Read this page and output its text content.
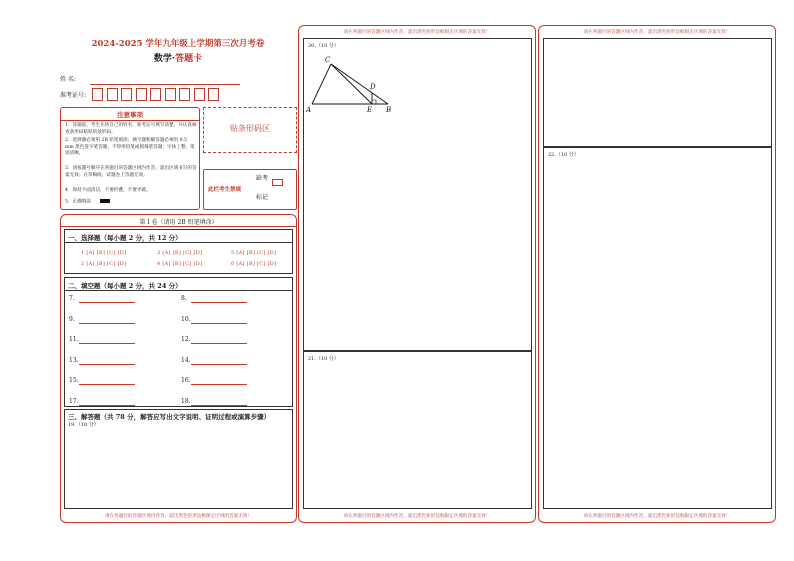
2024-2025 学年九年级上学期第三次月考卷
数学·答题卡
姓 名:
准考证号:
注意事项
1．答题前，考生先将自己的姓名，准考证号填写清楚，并认真核查条形码粘贴的条形码。
2．选择题必须用 2B 铅笔填涂；填空题和解答题必须用 0.5 mm 黑色签字笔答题，不得用铅笔或圆珠笔答题；字体工整、笔迹清晰。
3．请按题号顺序在各题目的答题区域内作答，超出区域书写的答案无效；在草稿纸、试题卷上答题无效。
4．保持卡面清洁，不要折叠，不要弄破。
5．正确填涂
贴条形码区
此栏考生禁填
缺考
标记
第 I 卷（请用 2B 铅笔填涂）
一、选择题（每小题 2 分，共 12 分）
1 [A] [B] [C] [D]
2 [A] [B] [C] [D]
3 [A] [B] [C] [D]
4 [A] [B] [C] [D]
5 [A] [B] [C] [D]
6 [A] [B] [C] [D]
二、填空题（每小题 2 分，共 24 分）
7.	8.
9.	10.
11.	12.
13.	14.
15.	16.
17.	18.
三、解答题（共 78 分，解答应写出文字说明、证明过程或演算步骤）
19.（10 分）
请在各题目的答题区域内作答，超出黑色矩形边框限定区域的答案无效！
请在各题目的答题区域内作答，超出黑色矩形边框限定区域的答案无效！
20.（10 分）
C
D
A	E B
21.（10 分）
请在各题目的答题区域内作答，超出黑色矩形边框限定区域的答案无效！
请在各题目的答题区域内作答，超出黑色矩形边框限定区域的答案无效！
22.（10 分）
请在各题目的答题区域内作答，超出黑色矩形边框限定区域的答案无效！
